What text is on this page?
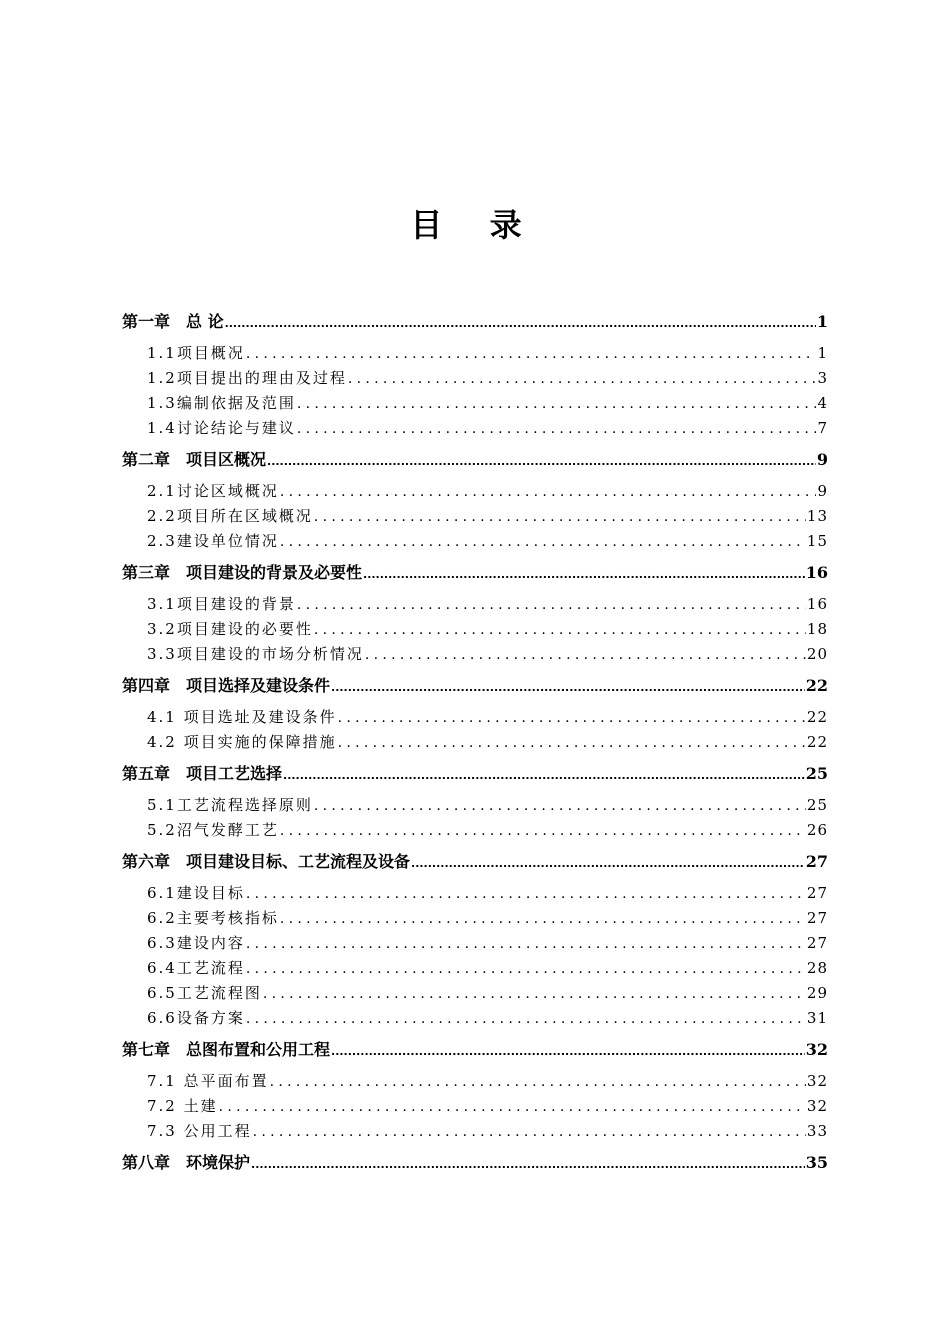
目 录
第一章　总 论 .....	1
1.1项目概况 .....	1
1.2项目提出的理由及过程 .....	3
1.3编制依据及范围 .....	4
1.4讨论结论与建议 .....	7
第二章　项目区概况 .....	9
2.1讨论区域概况 .....	9
2.2项目所在区域概况 .....	13
2.3建设单位情况 .....	15
第三章　项目建设的背景及必要性 .....	16
3.1项目建设的背景 .....	16
3.2项目建设的必要性 .....	18
3.3项目建设的市场分析情况 .....	20
第四章　项目选择及建设条件 .....	22
4.1 项目选址及建设条件 .....	22
4.2 项目实施的保障措施 .....	22
第五章　项目工艺选择 .....	25
5.1工艺流程选择原则 .....	25
5.2沼气发酵工艺 .....	26
第六章　项目建设目标、工艺流程及设备 .....	27
6.1建设目标 .....	27
6.2主要考核指标 .....	27
6.3建设内容 .....	27
6.4工艺流程 .....	28
6.5工艺流程图 .....	29
6.6设备方案 .....	31
第七章　总图布置和公用工程 .....	32
7.1 总平面布置 .....	32
7.2 土建 .....	32
7.3 公用工程 .....	33
第八章　环境保护 .....	35
